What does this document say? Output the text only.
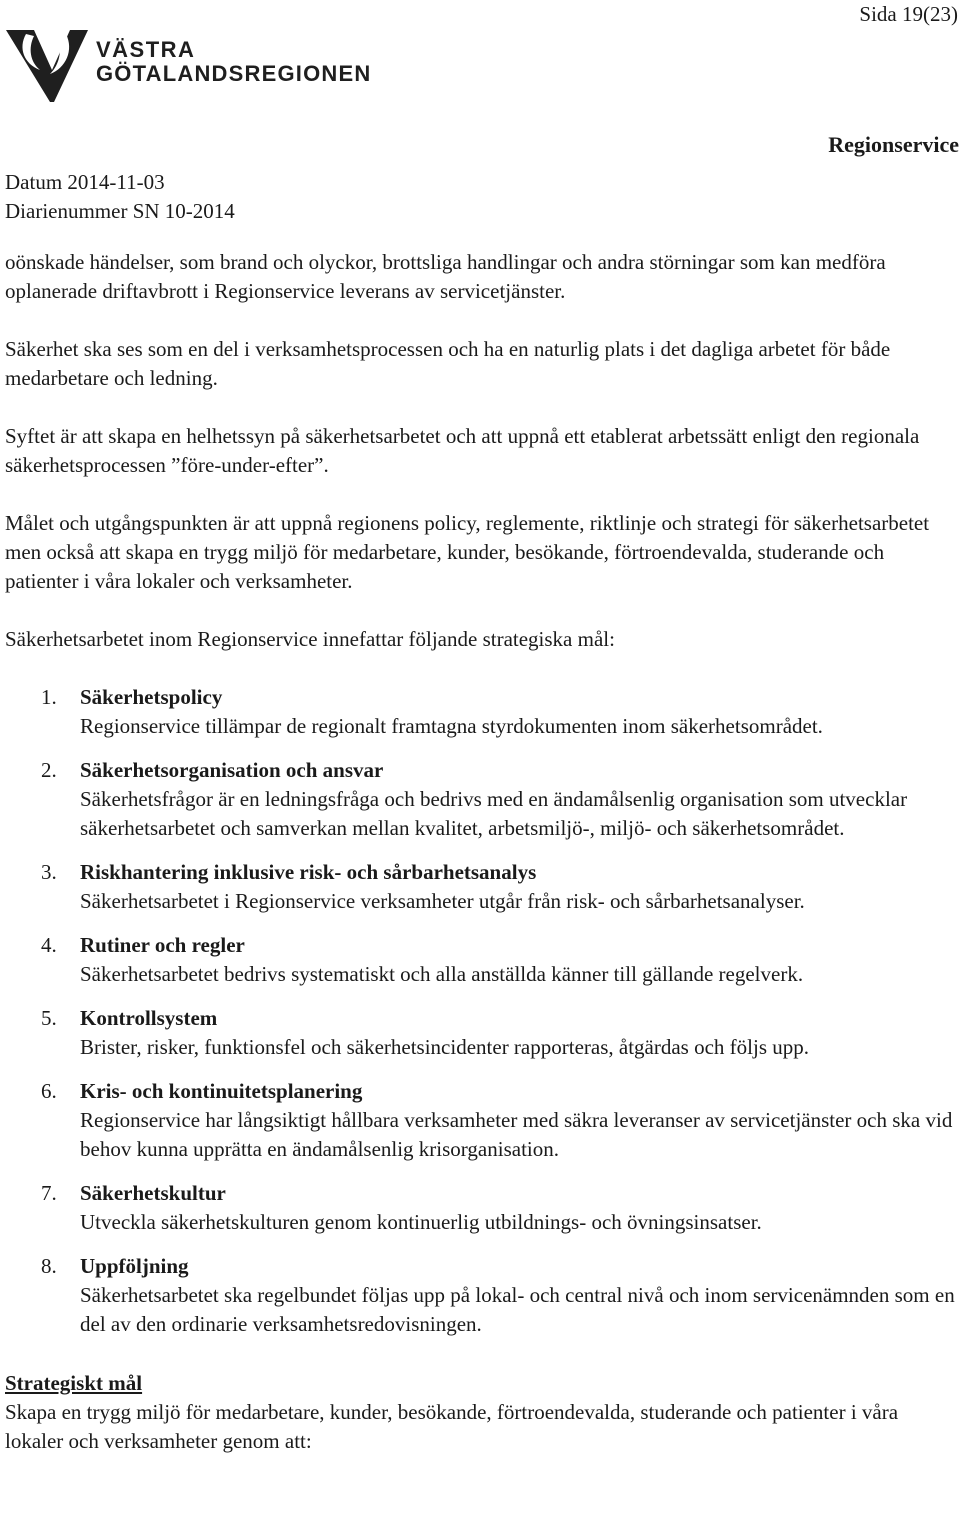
Sida 19(23)
VÄSTRA
GÖTALANDSREGIONEN
Regionservice
Datum 2014-11-03
Diarienummer SN 10-2014

oönskade händelser, som brand och olyckor, brottsliga handlingar och andra störningar som kan medföra oplanerade driftavbrott i Regionservice leverans av servicetjänster.

Säkerhet ska ses som en del i verksamhetsprocessen och ha en naturlig plats i det dagliga arbetet för både medarbetare och ledning.

Syftet är att skapa en helhetssyn på säkerhetsarbetet och att uppnå ett etablerat arbetssätt enligt den regionala säkerhetsprocessen ”före-under-efter”.

Målet och utgångspunkten är att uppnå regionens policy, reglemente, riktlinje och strategi för säkerhetsarbetet men också att skapa en trygg miljö för medarbetare, kunder, besökande, förtroendevalda, studerande och patienter i våra lokaler och verksamheter.

Säkerhetsarbetet inom Regionservice innefattar följande strategiska mål:

1. Säkerhetspolicy
Regionservice tillämpar de regionalt framtagna styrdokumenten inom säkerhetsområdet.
2. Säkerhetsorganisation och ansvar
Säkerhetsfrågor är en ledningsfråga och bedrivs med en ändamålsenlig organisation som utvecklar säkerhetsarbetet och samverkan mellan kvalitet, arbetsmiljö-, miljö- och säkerhetsområdet.
3. Riskhantering inklusive risk- och sårbarhetsanalys
Säkerhetsarbetet i Regionservice verksamheter utgår från risk- och sårbarhetsanalyser.
4. Rutiner och regler
Säkerhetsarbetet bedrivs systematiskt och alla anställda känner till gällande regelverk.
5. Kontrollsystem
Brister, risker, funktionsfel och säkerhetsincidenter rapporteras, åtgärdas och följs upp.
6. Kris- och kontinuitetsplanering
Regionservice har långsiktigt hållbara verksamheter med säkra leveranser av servicetjänster och ska vid behov kunna upprätta en ändamålsenlig krisorganisation.
7. Säkerhetskultur
Utveckla säkerhetskulturen genom kontinuerlig utbildnings- och övningsinsatser.
8. Uppföljning
Säkerhetsarbetet ska regelbundet följas upp på lokal- och central nivå och inom servicenämnden som en del av den ordinarie verksamhetsredovisningen.

Strategiskt mål

Skapa en trygg miljö för medarbetare, kunder, besökande, förtroendevalda, studerande och patienter i våra lokaler och verksamheter genom att:
